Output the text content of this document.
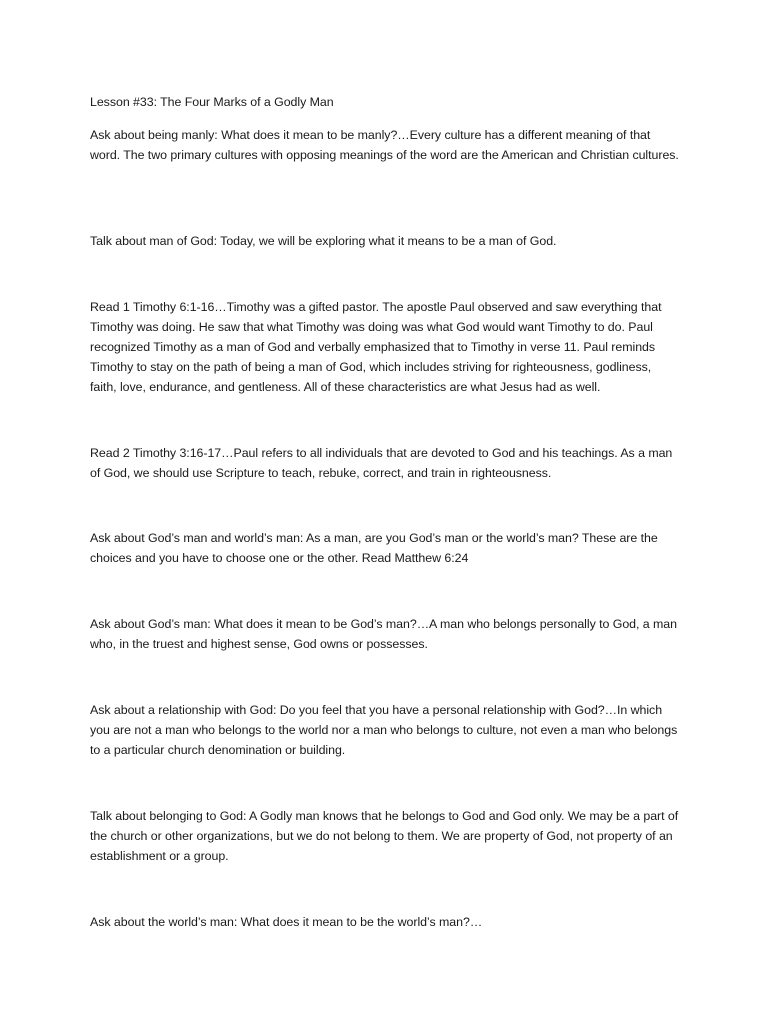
Lesson #33: The Four Marks of a Godly Man

Ask about being manly: What does it mean to be manly?…Every culture has a different meaning of that word. The two primary cultures with opposing meanings of the word are the American and Christian cultures.

Talk about man of God: Today, we will be exploring what it means to be a man of God.

Read 1 Timothy 6:1-16…Timothy was a gifted pastor. The apostle Paul observed and saw everything that Timothy was doing. He saw that what Timothy was doing was what God would want Timothy to do. Paul recognized Timothy as a man of God and verbally emphasized that to Timothy in verse 11. Paul reminds Timothy to stay on the path of being a man of God, which includes striving for righteousness, godliness, faith, love, endurance, and gentleness. All of these characteristics are what Jesus had as well.

Read 2 Timothy 3:16-17…Paul refers to all individuals that are devoted to God and his teachings. As a man of God, we should use Scripture to teach, rebuke, correct, and train in righteousness.

Ask about God’s man and world’s man: As a man, are you God’s man or the world’s man? These are the choices and you have to choose one or the other. Read Matthew 6:24

Ask about God’s man: What does it mean to be God’s man?…A man who belongs personally to God, a man who, in the truest and highest sense, God owns or possesses.

Ask about a relationship with God: Do you feel that you have a personal relationship with God?…In which you are not a man who belongs to the world nor a man who belongs to culture, not even a man who belongs to a particular church denomination or building.

Talk about belonging to God: A Godly man knows that he belongs to God and God only. We may be a part of the church or other organizations, but we do not belong to them. We are property of God, not property of an establishment or a group.

Ask about the world’s man: What does it mean to be the world’s man?…
